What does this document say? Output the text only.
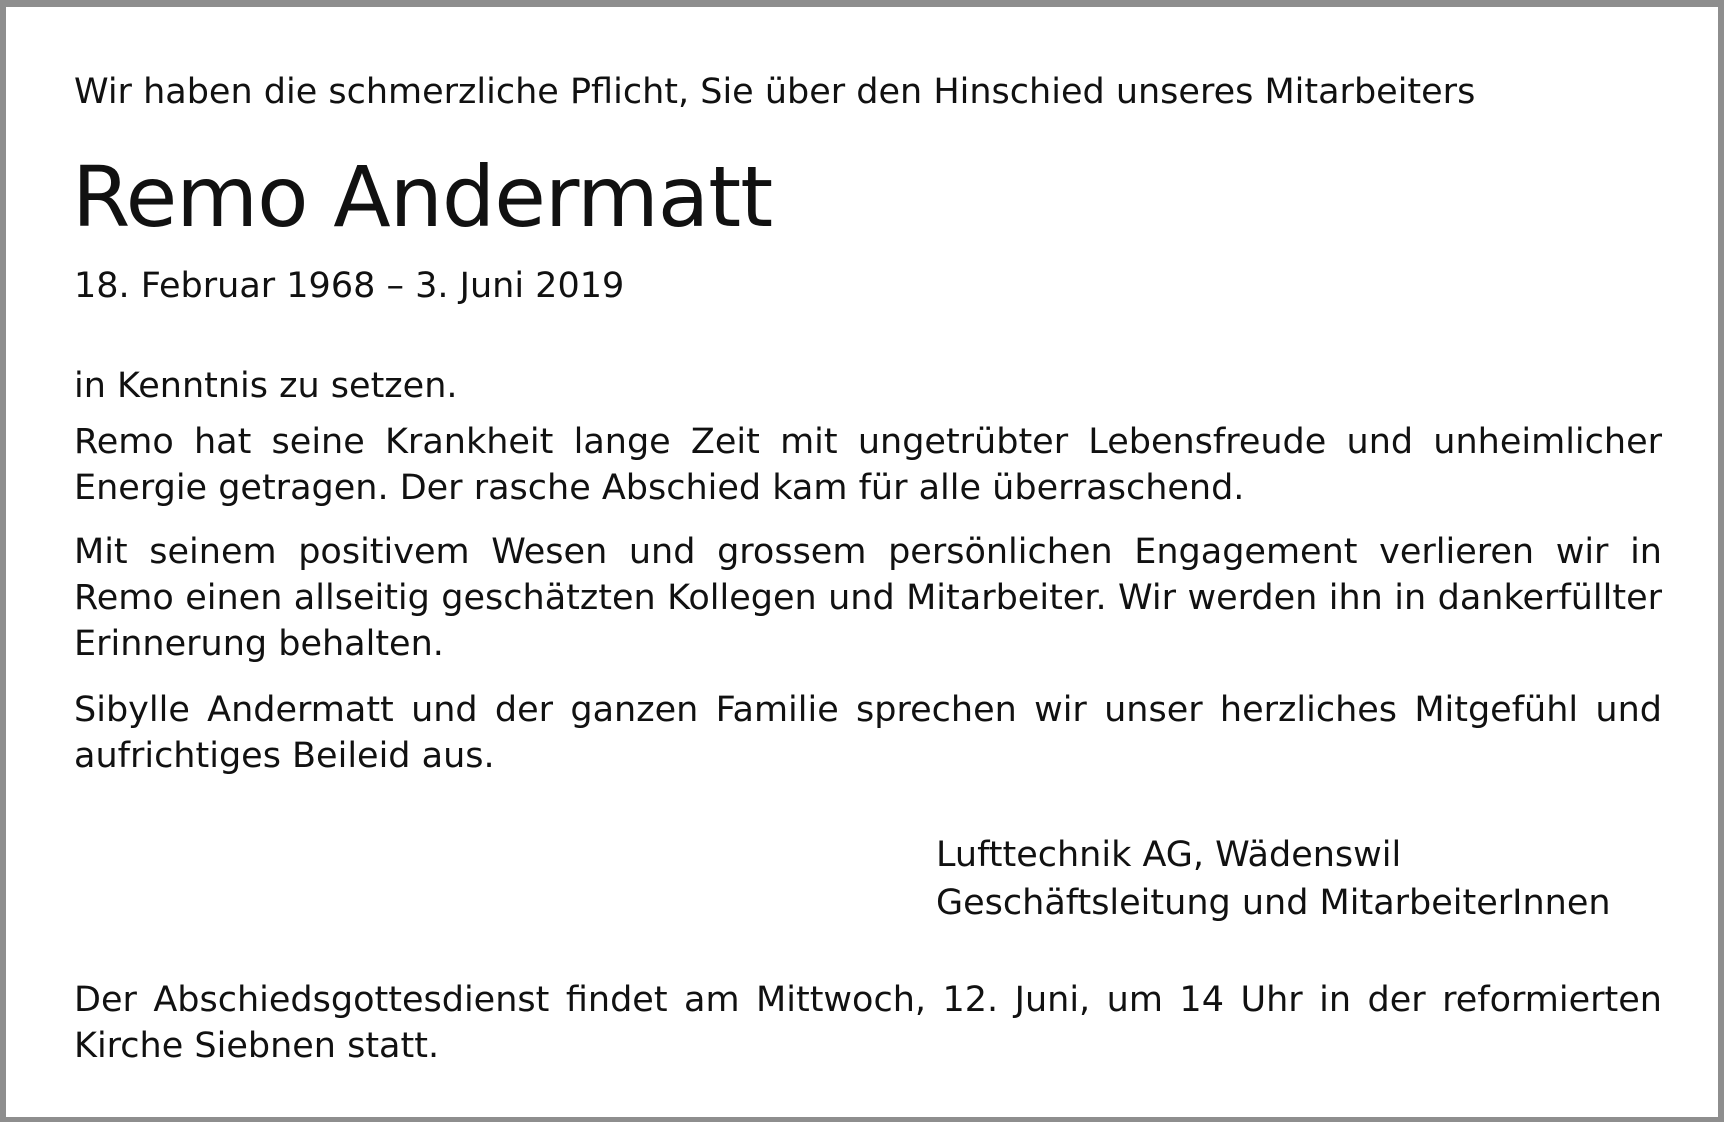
Wir haben die schmerzliche Pflicht, Sie über den Hinschied unseres Mitarbeiters
Remo Andermatt
18. Februar 1968 – 3. Juni 2019
in Kenntnis zu setzen.
Remo hat seine Krankheit lange Zeit mit ungetrübter Lebensfreude und unheimlicher Energie getragen. Der rasche Abschied kam für alle überraschend.
Mit seinem positivem Wesen und grossem persönlichen Engagement verlieren wir in Remo einen allseitig geschätzten Kollegen und Mitarbeiter. Wir werden ihn in dankerfüllter Erinnerung behalten.
Sibylle Andermatt und der ganzen Familie sprechen wir unser herzliches Mitgefühl und aufrichtiges Beileid aus.
Lufttechnik AG, Wädenswil
Geschäftsleitung und MitarbeiterInnen
Der Abschiedsgottesdienst findet am Mittwoch, 12. Juni, um 14 Uhr in der reformierten Kirche Siebnen statt.
